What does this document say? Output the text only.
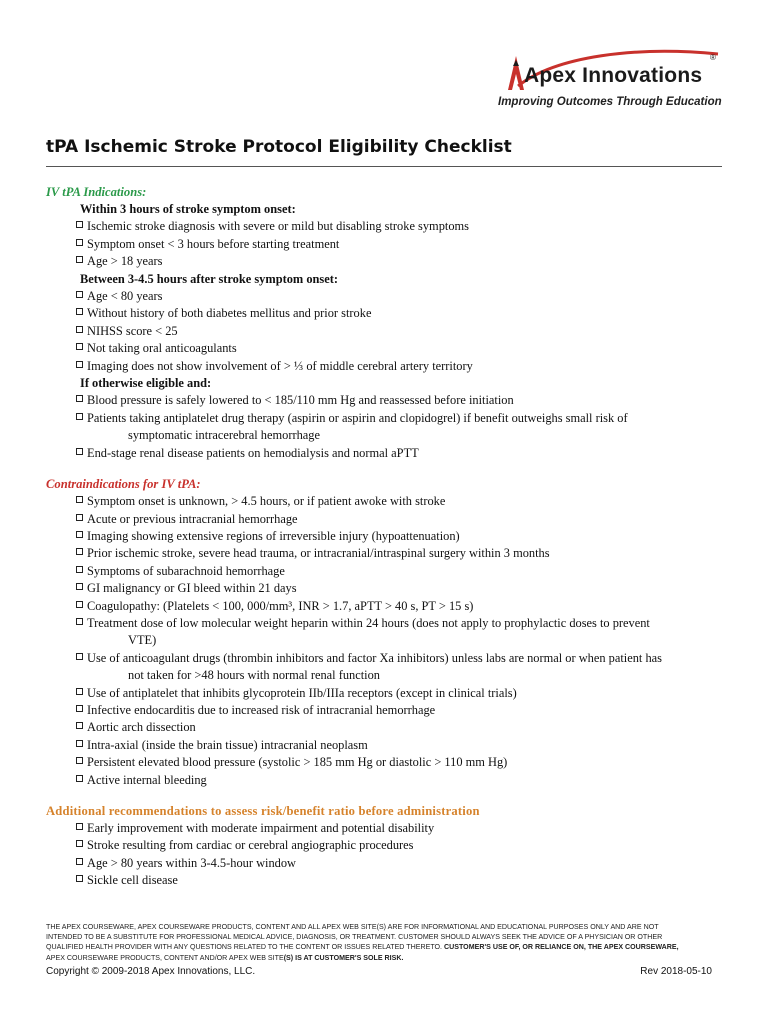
Apex Innovations
®
Improving Outcomes Through Education
tPA Ischemic Stroke Protocol Eligibility Checklist
IV tPA Indications:
Within 3 hours of stroke symptom onset:
Ischemic stroke diagnosis with severe or mild but disabling stroke symptoms
Symptom onset < 3 hours before starting treatment
Age > 18 years
Between 3-4.5 hours after stroke symptom onset:
Age < 80 years
Without history of both diabetes mellitus and prior stroke
NIHSS score < 25
Not taking oral anticoagulants
Imaging does not show involvement of > ⅓ of middle cerebral artery territory
If otherwise eligible and:
Blood pressure is safely lowered to < 185/110 mm Hg and reassessed before initiation
Patients taking antiplatelet drug therapy (aspirin or aspirin and clopidogrel) if benefit outweighs small risk of
symptomatic intracerebral hemorrhage
End-stage renal disease patients on hemodialysis and normal aPTT
Contraindications for IV tPA:
Symptom onset is unknown, > 4.5 hours, or if patient awoke with stroke
Acute or previous intracranial hemorrhage
Imaging showing extensive regions of irreversible injury (hypoattenuation)
Prior ischemic stroke, severe head trauma, or intracranial/intraspinal surgery within 3 months
Symptoms of subarachnoid hemorrhage
GI malignancy or GI bleed within 21 days
Coagulopathy: (Platelets < 100, 000/mm³, INR > 1.7, aPTT > 40 s, PT > 15 s)
Treatment dose of low molecular weight heparin within 24 hours (does not apply to prophylactic doses to prevent
VTE)
Use of anticoagulant drugs (thrombin inhibitors and factor Xa inhibitors) unless labs are normal or when patient has
not taken for >48 hours with normal renal function
Use of antiplatelet that inhibits glycoprotein IIb/IIIa receptors (except in clinical trials)
Infective endocarditis due to increased risk of intracranial hemorrhage
Aortic arch dissection
Intra-axial (inside the brain tissue) intracranial neoplasm
Persistent elevated blood pressure (systolic > 185 mm Hg or diastolic > 110 mm Hg)
Active internal bleeding
Additional recommendations to assess risk/benefit ratio before administration
Early improvement with moderate impairment and potential disability
Stroke resulting from cardiac or cerebral angiographic procedures
Age > 80 years within 3-4.5-hour window
Sickle cell disease
THE APEX COURSEWARE, APEX COURSEWARE PRODUCTS, CONTENT AND ALL APEX WEB SITE(S) ARE FOR INFORMATIONAL AND EDUCATIONAL PURPOSES ONLY AND ARE NOT
INTENDED TO BE A SUBSTITUTE FOR PROFESSIONAL MEDICAL ADVICE, DIAGNOSIS, OR TREATMENT. CUSTOMER SHOULD ALWAYS SEEK THE ADVICE OF A PHYSICIAN OR OTHER
QUALIFIED HEALTH PROVIDER WITH ANY QUESTIONS RELATED TO THE CONTENT OR ISSUES RELATED THERETO. CUSTOMER'S USE OF, OR RELIANCE ON, THE APEX COURSEWARE,
APEX COURSEWARE PRODUCTS, CONTENT AND/OR APEX WEB SITE(S) IS AT CUSTOMER'S SOLE RISK.
Copyright © 2009-2018 Apex Innovations, LLC.	Rev 2018-05-10
